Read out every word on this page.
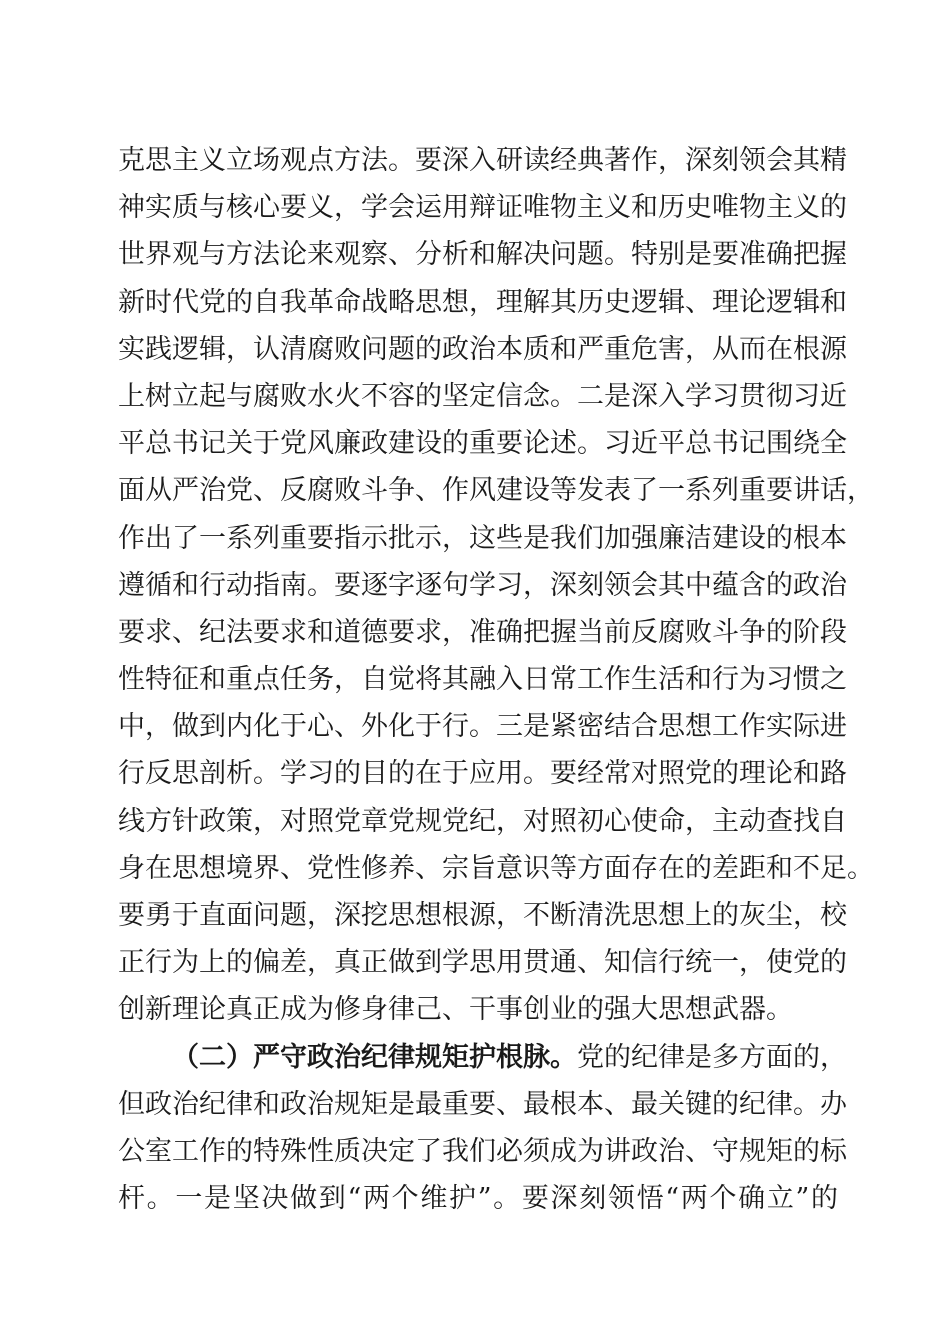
克思主义立场观点方法。要深入研读经典著作，深刻领会其精
神实质与核心要义，学会运用辩证唯物主义和历史唯物主义的
世界观与方法论来观察、分析和解决问题。特别是要准确把握
新时代党的自我革命战略思想，理解其历史逻辑、理论逻辑和
实践逻辑，认清腐败问题的政治本质和严重危害，从而在根源
上树立起与腐败水火不容的坚定信念。二是深入学习贯彻习近
平总书记关于党风廉政建设的重要论述。习近平总书记围绕全
面从严治党、反腐败斗争、作风建设等发表了一系列重要讲话，
作出了一系列重要指示批示，这些是我们加强廉洁建设的根本
遵循和行动指南。要逐字逐句学习，深刻领会其中蕴含的政治
要求、纪法要求和道德要求，准确把握当前反腐败斗争的阶段
性特征和重点任务，自觉将其融入日常工作生活和行为习惯之
中，做到内化于心、外化于行。三是紧密结合思想工作实际进
行反思剖析。学习的目的在于应用。要经常对照党的理论和路
线方针政策，对照党章党规党纪，对照初心使命，主动查找自
身在思想境界、党性修养、宗旨意识等方面存在的差距和不足。
要勇于直面问题，深挖思想根源，不断清洗思想上的灰尘，校
正行为上的偏差，真正做到学思用贯通、知信行统一，使党的
创新理论真正成为修身律己、干事创业的强大思想武器。
（二）严守政治纪律规矩护根脉。党的纪律是多方面的，
但政治纪律和政治规矩是最重要、最根本、最关键的纪律。办
公室工作的特殊性质决定了我们必须成为讲政治、守规矩的标
杆。一是坚决做到“两个维护”。要深刻领悟“两个确立”的
